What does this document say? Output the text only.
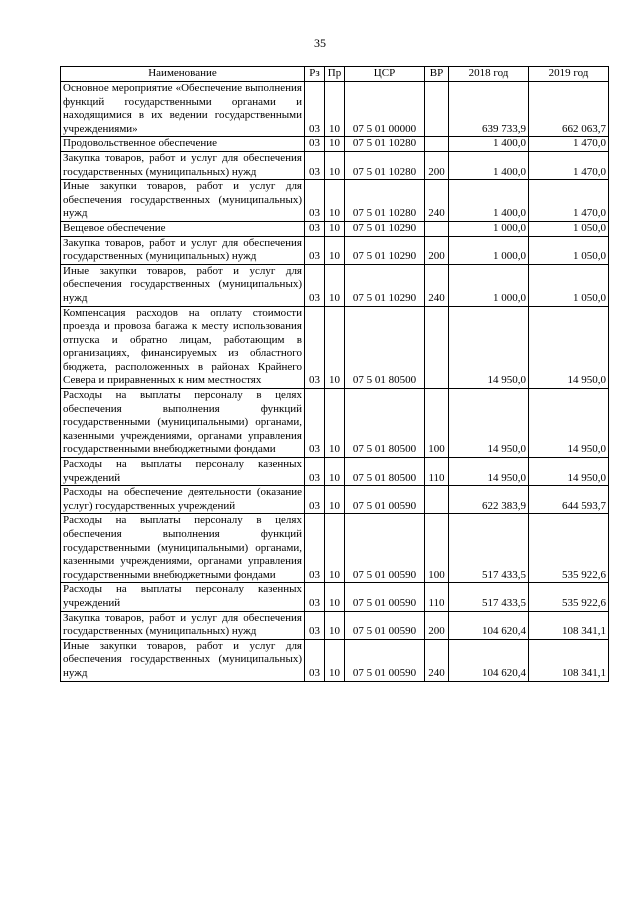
35
Наименование	Рз	Пр	ЦСР	ВР	2018 год	2019 год
Основное мероприятие «Обеспечение выполнения функций государственными органами и находящимися в их ведении государственными учреждениями»	03	10	07 5 01 00000		639 733,9	662 063,7
Продовольственное обеспечение	03	10	07 5 01 10280		1 400,0	1 470,0
Закупка товаров, работ и услуг для обеспечения государственных (муниципальных) нужд	03	10	07 5 01 10280	200	1 400,0	1 470,0
Иные закупки товаров, работ и услуг для обеспечения государственных (муниципальных) нужд	03	10	07 5 01 10280	240	1 400,0	1 470,0
Вещевое обеспечение	03	10	07 5 01 10290		1 000,0	1 050,0
Закупка товаров, работ и услуг для обеспечения государственных (муниципальных) нужд	03	10	07 5 01 10290	200	1 000,0	1 050,0
Иные закупки товаров, работ и услуг для обеспечения государственных (муниципальных) нужд	03	10	07 5 01 10290	240	1 000,0	1 050,0
Компенсация расходов на оплату стоимости проезда и провоза багажа к месту использования отпуска и обратно лицам, работающим в организациях, финансируемых из областного бюджета, расположенных в районах Крайнего Севера и приравненных к ним местностях	03	10	07 5 01 80500		14 950,0	14 950,0
Расходы на выплаты персоналу в целях обеспечения выполнения функций государственными (муниципальными) органами, казенными учреждениями, органами управления государственными внебюджетными фондами	03	10	07 5 01 80500	100	14 950,0	14 950,0
Расходы на выплаты персоналу казенных учреждений	03	10	07 5 01 80500	110	14 950,0	14 950,0
Расходы на обеспечение деятельности (оказание услуг) государственных учреждений	03	10	07 5 01 00590		622 383,9	644 593,7
Расходы на выплаты персоналу в целях обеспечения выполнения функций государственными (муниципальными) органами, казенными учреждениями, органами управления государственными внебюджетными фондами	03	10	07 5 01 00590	100	517 433,5	535 922,6
Расходы на выплаты персоналу казенных учреждений	03	10	07 5 01 00590	110	517 433,5	535 922,6
Закупка товаров, работ и услуг для обеспечения государственных (муниципальных) нужд	03	10	07 5 01 00590	200	104 620,4	108 341,1
Иные закупки товаров, работ и услуг для обеспечения государственных (муниципальных) нужд	03	10	07 5 01 00590	240	104 620,4	108 341,1
